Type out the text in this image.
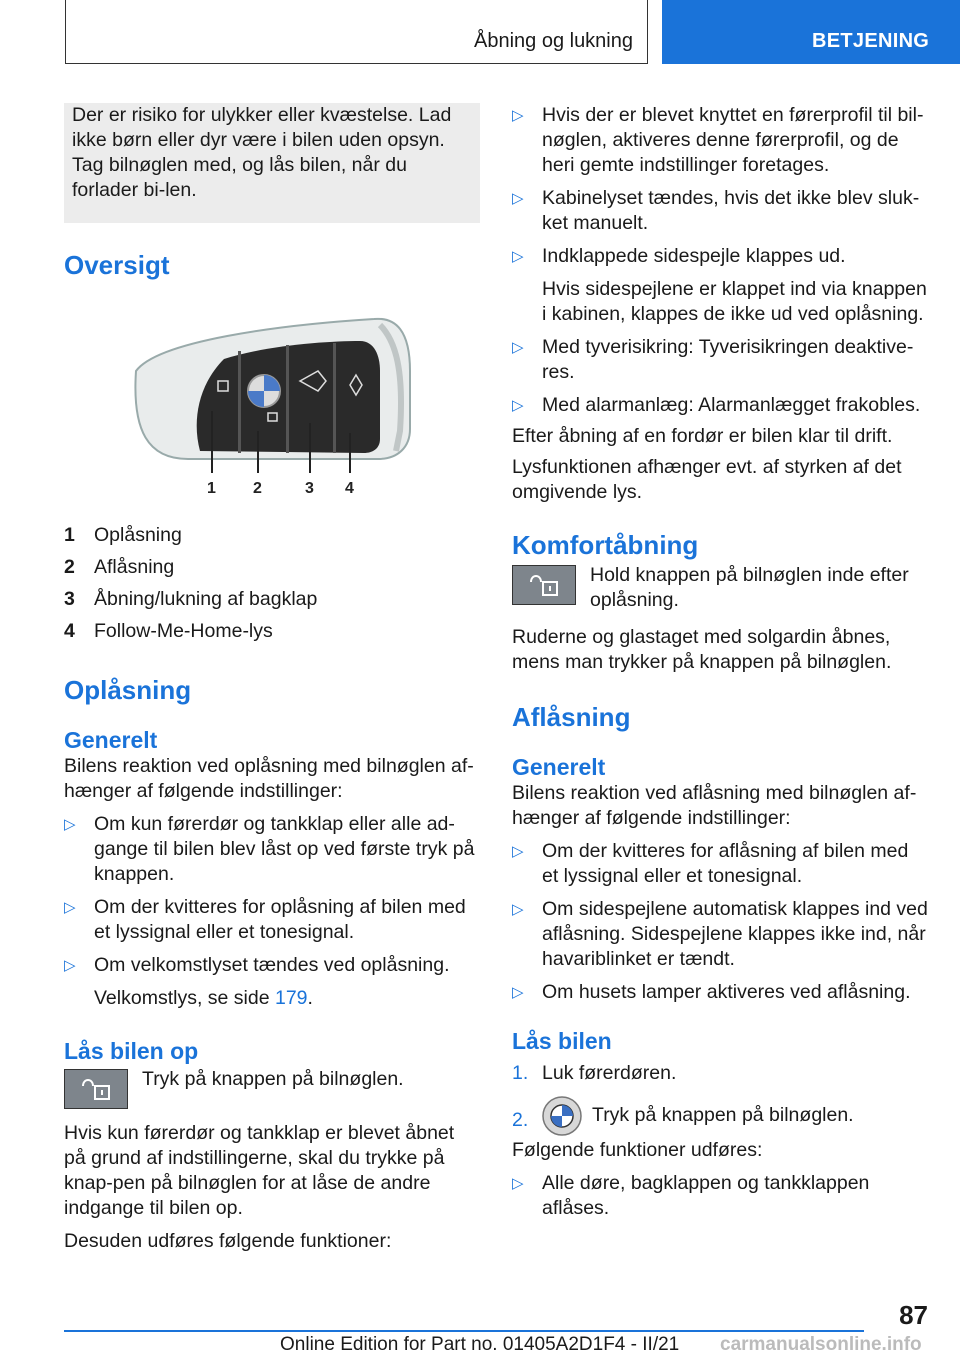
Åbning og lukning	BETJENING

Der er risiko for ulykker eller kvæstelse. Lad ikke børn eller dyr være i bilen uden opsyn. Tag bilnøglen med, og lås bilen, når du forlader bi-len.

Oversigt
1 2	3 4
1 Oplåsning
2 Aflåsning
3 Åbning/lukning af bagklap
4 Follow-Me-Home-lys
Oplåsning
Generelt

Bilens reaktion ved oplåsning med bilnøglen af-hænger af følgende indstillinger:

▷ Om kun førerdør og tankklap eller alle ad-gange til bilen blev låst op ved første tryk på knappen.
▷ Om der kvitteres for oplåsning af bilen med et lyssignal eller et tonesignal.
▷ Om velkomstlyset tændes ved oplåsning.

Velkomstlys, se side 179.

Lås bilen op

Tryk på knappen på bilnøglen.

Hvis kun førerdør og tankklap er blevet åbnet på grund af indstillingerne, skal du trykke på knap-pen på bilnøglen for at låse de andre indgange til bilen op.

Desuden udføres følgende funktioner:

▷ Hvis der er blevet knyttet en førerprofil til bil-nøglen, aktiveres denne førerprofil, og de heri gemte indstillinger foretages.
▷ Kabinelyset tændes, hvis det ikke blev sluk-ket manuelt.
▷ Indklappede sidespejle klappes ud.

Hvis sidespejlene er klappet ind via knappen i kabinen, klappes de ikke ud ved oplåsning.

▷ Med tyverisikring: Tyverisikringen deaktive-res.
▷ Med alarmanlæg: Alarmanlægget frakobles.

Efter åbning af en fordør er bilen klar til drift.

Lysfunktionen afhænger evt. af styrken af det omgivende lys.

Komfortåbning

Hold knappen på bilnøglen inde efter oplåsning.

Ruderne og glastaget med solgardin åbnes, mens man trykker på knappen på bilnøglen.

Aflåsning
Generelt

Bilens reaktion ved aflåsning med bilnøglen af-hænger af følgende indstillinger:

▷ Om der kvitteres for aflåsning af bilen med et lyssignal eller et tonesignal.
▷ Om sidespejlene automatisk klappes ind ved aflåsning. Sidespejlene klappes ikke ind, når havariblinket er tændt.
▷ Om husets lamper aktiveres ved aflåsning.
Lås bilen
1. Luk førerdøren.
2.	Tryk på knappen på bilnøglen.

Følgende funktioner udføres:

▷ Alle døre, bagklappen og tankklappen aflåses.
87
Online Edition for Part no. 01405A2D1F4 - II/21 carmanualsonline.info
